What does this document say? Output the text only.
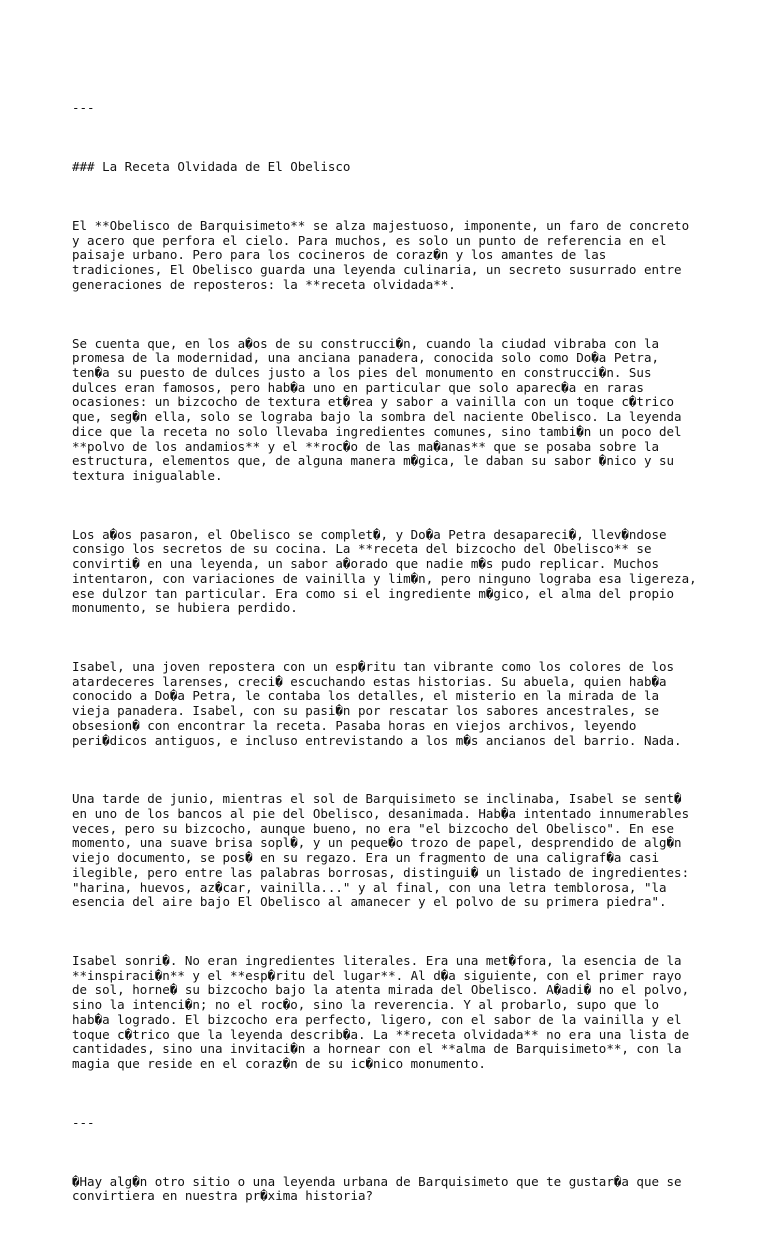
---

### La Receta Olvidada de El Obelisco

El **Obelisco de Barquisimeto** se alza majestuoso, imponente, un faro de concreto
y acero que perfora el cielo. Para muchos, es solo un punto de referencia en el
paisaje urbano. Pero para los cocineros de coraz�n y los amantes de las
tradiciones, El Obelisco guarda una leyenda culinaria, un secreto susurrado entre
generaciones de reposteros: la **receta olvidada**.

Se cuenta que, en los a�os de su construcci�n, cuando la ciudad vibraba con la
promesa de la modernidad, una anciana panadera, conocida solo como Do�a Petra,
ten�a su puesto de dulces justo a los pies del monumento en construcci�n. Sus
dulces eran famosos, pero hab�a uno en particular que solo aparec�a en raras
ocasiones: un bizcocho de textura et�rea y sabor a vainilla con un toque c�trico
que, seg�n ella, solo se lograba bajo la sombra del naciente Obelisco. La leyenda
dice que la receta no solo llevaba ingredientes comunes, sino tambi�n un poco del
**polvo de los andamios** y el **roc�o de las ma�anas** que se posaba sobre la
estructura, elementos que, de alguna manera m�gica, le daban su sabor �nico y su
textura inigualable.

Los a�os pasaron, el Obelisco se complet�, y Do�a Petra desapareci�, llev�ndose
consigo los secretos de su cocina. La **receta del bizcocho del Obelisco** se
convirti� en una leyenda, un sabor a�orado que nadie m�s pudo replicar. Muchos
intentaron, con variaciones de vainilla y lim�n, pero ninguno lograba esa ligereza,
ese dulzor tan particular. Era como si el ingrediente m�gico, el alma del propio
monumento, se hubiera perdido.

Isabel, una joven repostera con un esp�ritu tan vibrante como los colores de los
atardeceres larenses, creci� escuchando estas historias. Su abuela, quien hab�a
conocido a Do�a Petra, le contaba los detalles, el misterio en la mirada de la
vieja panadera. Isabel, con su pasi�n por rescatar los sabores ancestrales, se
obsesion� con encontrar la receta. Pasaba horas en viejos archivos, leyendo
peri�dicos antiguos, e incluso entrevistando a los m�s ancianos del barrio. Nada.

Una tarde de junio, mientras el sol de Barquisimeto se inclinaba, Isabel se sent�
en uno de los bancos al pie del Obelisco, desanimada. Hab�a intentado innumerables
veces, pero su bizcocho, aunque bueno, no era "el bizcocho del Obelisco". En ese
momento, una suave brisa sopl�, y un peque�o trozo de papel, desprendido de alg�n
viejo documento, se pos� en su regazo. Era un fragmento de una caligraf�a casi
ilegible, pero entre las palabras borrosas, distingui� un listado de ingredientes:
"harina, huevos, az�car, vainilla..." y al final, con una letra temblorosa, "la
esencia del aire bajo El Obelisco al amanecer y el polvo de su primera piedra".

Isabel sonri�. No eran ingredientes literales. Era una met�fora, la esencia de la
**inspiraci�n** y el **esp�ritu del lugar**. Al d�a siguiente, con el primer rayo
de sol, horne� su bizcocho bajo la atenta mirada del Obelisco. A�adi� no el polvo,
sino la intenci�n; no el roc�o, sino la reverencia. Y al probarlo, supo que lo
hab�a logrado. El bizcocho era perfecto, ligero, con el sabor de la vainilla y el
toque c�trico que la leyenda describ�a. La **receta olvidada** no era una lista de
cantidades, sino una invitaci�n a hornear con el **alma de Barquisimeto**, con la
magia que reside en el coraz�n de su ic�nico monumento.

---

�Hay alg�n otro sitio o una leyenda urbana de Barquisimeto que te gustar�a que se
convirtiera en nuestra pr�xima historia?
